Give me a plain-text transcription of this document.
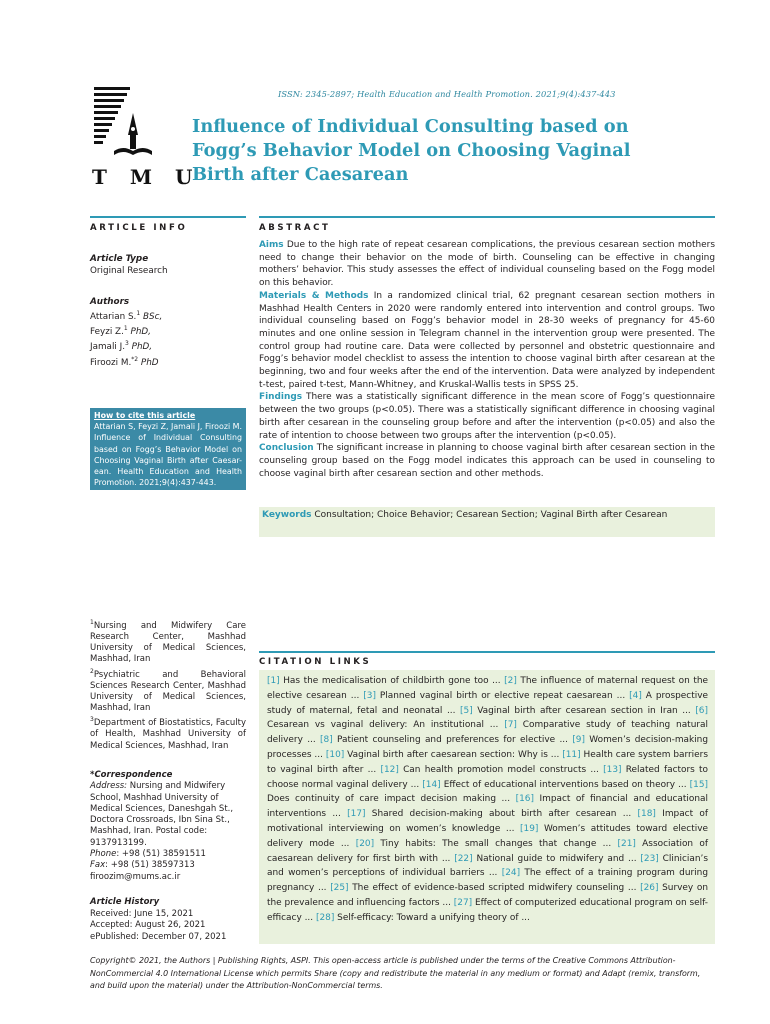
ISSN: 2345-2897; Health Education and Health Promotion. 2021;9(4):437-443
T M U
Influence of Individual Consulting based on Fogg’s Behavior Model on Choosing Vaginal Birth after Caesarean
ARTICLE INFO	ABSTRACT
Article Type
Original Research
Authors
Attarian S.$^1$ BSc,
Feyzi Z.$^1$ PhD,
Jamali J.$^3$ PhD,
Firoozi M.$^{*2}$ PhD
How to cite this article
Attarian S, Feyzi Z, Jamali J, Firoozi M. Influence of Individual Consulting based on Fogg’s Behavior Model on Choosing Vaginal Birth after Caesar-ean. Health Education and Health Promotion. 2021;9(4):437-443.

Aims Due to the high rate of repeat cesarean complications, the previous cesarean section mothers need to change their behavior on the mode of birth. Counseling can be effective in changing mothers’ behavior. This study assesses the effect of individual counseling based on the Fogg model on this behavior.

Materials & Methods In a randomized clinical trial, 62 pregnant cesarean section mothers in Mashhad Health Centers in 2020 were randomly entered into intervention and control groups. Two individual counseling based on Fogg’s behavior model in 28-30 weeks of pregnancy for 45-60 minutes and one online session in Telegram channel in the intervention group were presented. The control group had routine care. Data were collected by personnel and obstetric questionnaire and Fogg’s behavior model checklist to assess the intention to choose vaginal birth after cesarean at the beginning, two and four weeks after the end of the intervention. Data were analyzed by independent t-test, paired t-test, Mann-Whitney, and Kruskal-Wallis tests in SPSS 25.

Findings There was a statistically significant difference in the mean score of Fogg’s questionnaire between the two groups (p<0.05). There was a statistically significant difference in choosing vaginal birth after cesarean in the counseling group before and after the intervention (p<0.05) and also the rate of intention to choose between two groups after the intervention (p<0.05).

Conclusion The significant increase in planning to choose vaginal birth after cesarean section in the counseling group based on the Fogg model indicates this approach can be used in counseling to choose vaginal birth after cesarean section and other methods.

Keywords Consultation; Choice Behavior; Cesarean Section; Vaginal Birth after Cesarean
$^1$Nursing and Midwifery Care Research Center, Mashhad University of Medical Sciences, Mashhad, Iran
$^2$Psychiatric and Behavioral Sciences Research Center, Mashhad University of Medical Sciences, Mashhad, Iran
$^3$Department of Biostatistics, Faculty of Health, Mashhad University of Medical Sciences, Mashhad, Iran
*Correspondence
Address: Nursing and Midwifery School, Mashhad University of Medical Sciences, Daneshgah St., Doctora Crossroads, Ibn Sina St., Mashhad, Iran. Postal code: 9137913199.
Phone: +98 (51) 38591511
Fax: +98 (51) 38597313
firoozim@mums.ac.ir
Article History
Received: June 15, 2021
Accepted: August 26, 2021
ePublished: December 07, 2021
CITATION LINKS
[1] Has the medicalisation of childbirth gone too ... [2] The influence of maternal request on the elective cesarean ... [3] Planned vaginal birth or elective repeat caesarean ... [4] A prospective study of maternal, fetal and neonatal ... [5] Vaginal birth after cesarean section in Iran ... [6] Cesarean vs vaginal delivery: An institutional ... [7] Comparative study of teaching natural delivery ... [8] Patient counseling and preferences for elective ... [9] Women’s decision-making processes ... [10] Vaginal birth after caesarean section: Why is ... [11] Health care system barriers to vaginal birth after ... [12] Can health promotion model constructs ... [13] Related factors to choose normal vaginal delivery ... [14] Effect of educational interventions based on theory ... [15] Does continuity of care impact decision making ... [16] Impact of financial and educational interventions ... [17] Shared decision-making about birth after cesarean ... [18] Impact of motivational interviewing on women’s knowledge ... [19] Women’s attitudes toward elective delivery mode ... [20] Tiny habits: The small changes that change ... [21] Association of caesarean delivery for first birth with ... [22] National guide to midwifery and ... [23] Clinician’s and women’s perceptions of individual barriers ... [24] The effect of a training program during pregnancy ... [25] The effect of evidence-based scripted midwifery counseling ... [26] Survey on the prevalence and influencing factors ... [27] Effect of computerized educational program on self-efficacy ... [28] Self-efficacy: Toward a unifying theory of ...
Copyright© 2021, the Authors | Publishing Rights, ASPI. This open-access article is published under the terms of the Creative Commons Attribution-NonCommercial 4.0 International License which permits Share (copy and redistribute the material in any medium or format) and Adapt (remix, transform, and build upon the material) under the Attribution-NonCommercial terms.
